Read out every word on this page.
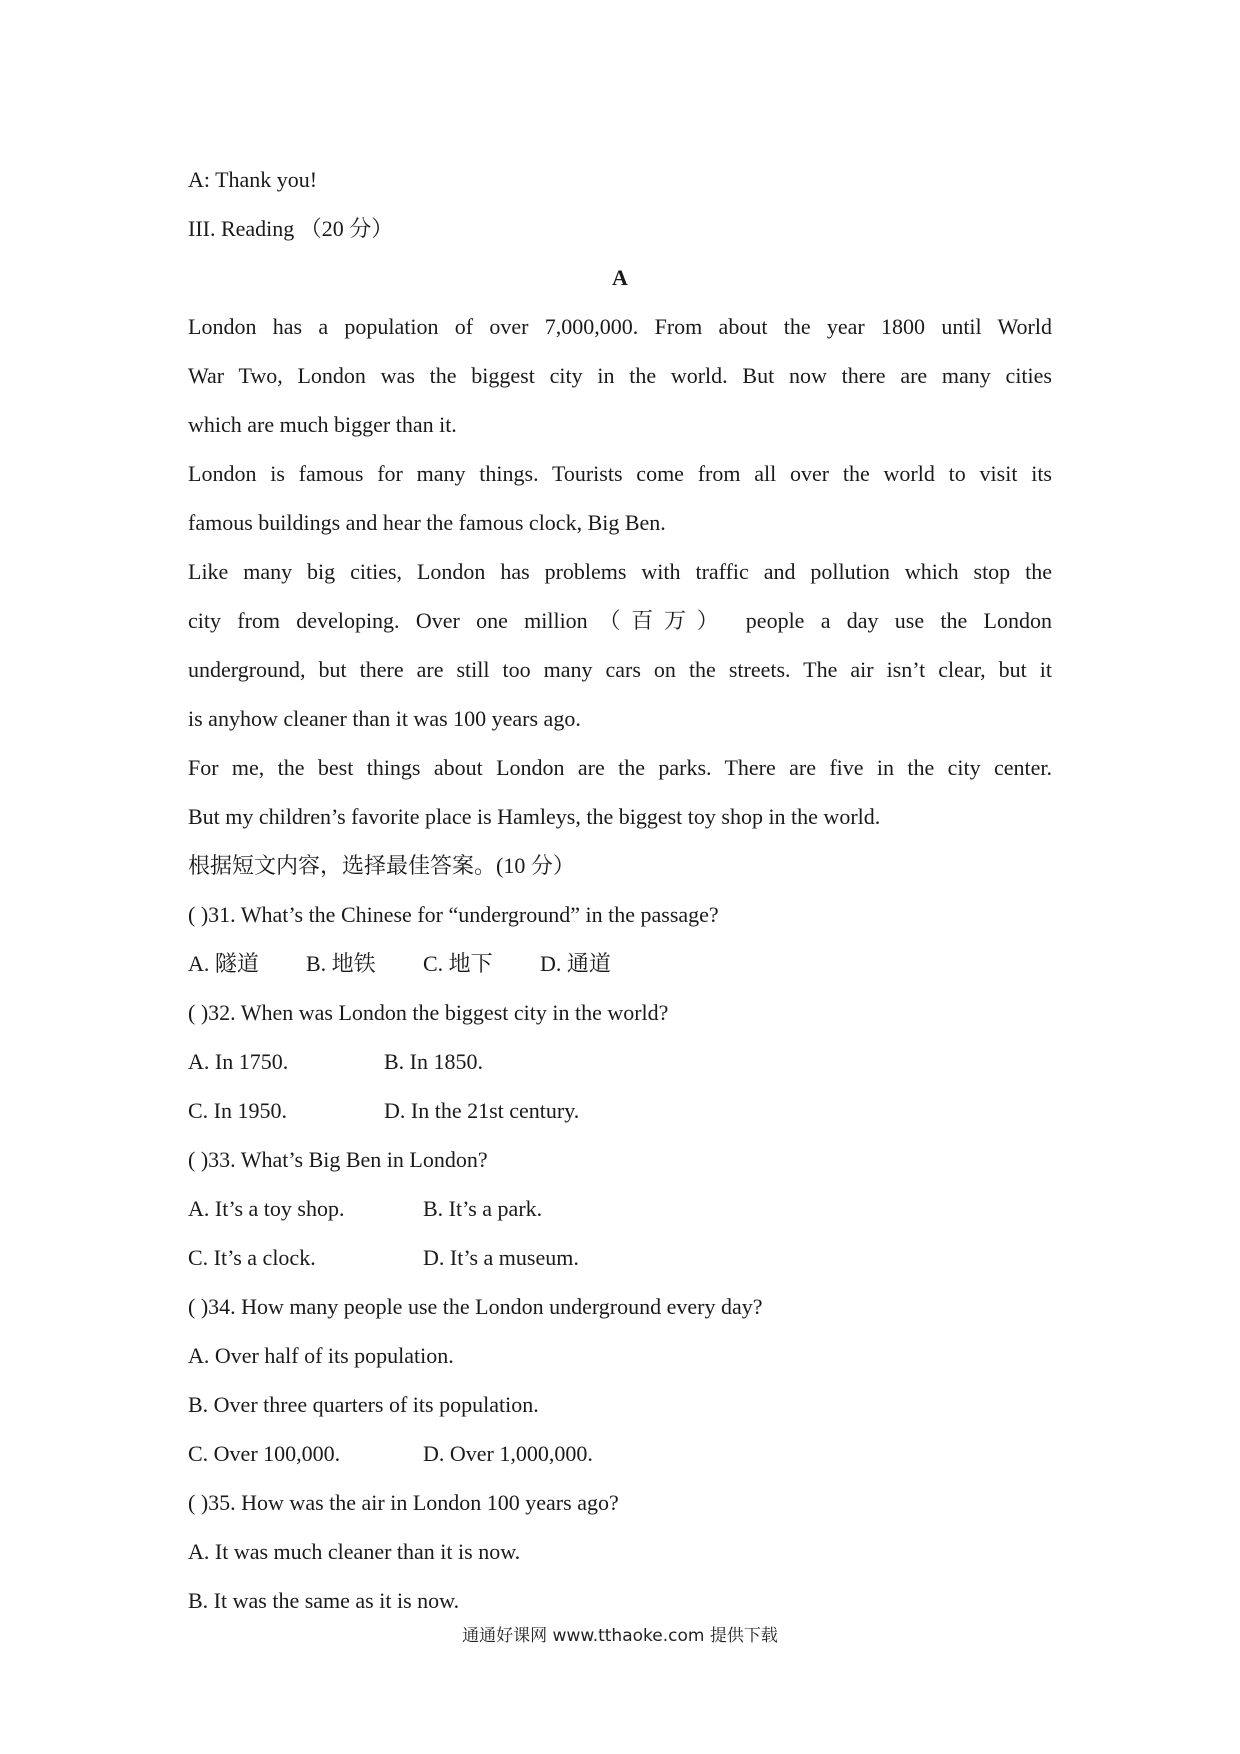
A: Thank you!
III. Reading （20 分）
A
London has a population of over 7,000,000. From about the year 1800 until World
War Two, London was the biggest city in the world. But now there are many cities
which are much bigger than it.
London is famous for many things. Tourists come from all over the world to visit its
famous buildings and hear the famous clock, Big Ben.
Like many big cities, London has problems with traffic and pollution which stop the
city from developing. Over one million（百万） people a day use the London
underground, but there are still too many cars on the streets. The air isn’t clear, but it
is anyhow cleaner than it was 100 years ago.
For me, the best things about London are the parks. There are five in the city center.
But my children’s favorite place is Hamleys, the biggest toy shop in the world.
根据短文内容，选择最佳答案。(10 分）
( )31. What’s the Chinese for “underground” in the passage?
A. 隧道 B. 地铁 C. 地下 D. 通道
( )32. When was London the biggest city in the world?
A. In 1750.	B. In 1850.
C. In 1950.	D. In the 21st century.
( )33. What’s Big Ben in London?
A. It’s a toy shop.	B. It’s a park.
C. It’s a clock.	D. It’s a museum.
( )34. How many people use the London underground every day?
A. Over half of its population.
B. Over three quarters of its population.
C. Over 100,000.	D. Over 1,000,000.
( )35. How was the air in London 100 years ago?
A. It was much cleaner than it is now.
B. It was the same as it is now.
通通好课网 www.tthaoke.com 提供下载
